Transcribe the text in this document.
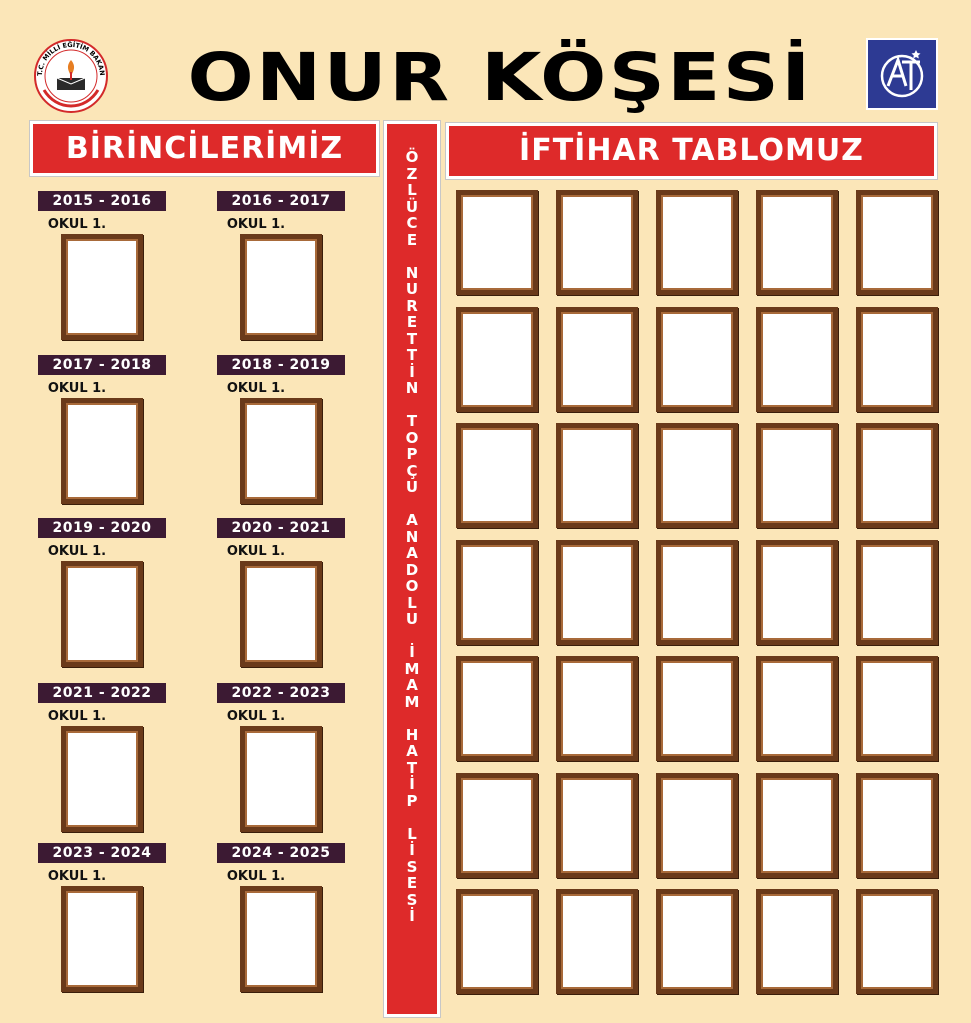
T.C. MİLLİ EĞİTİM BAKAN	ONUR KÖŞESİ
BİRİNCİLERİMİZ	İFTİHAR TABLOMUZ
Ö
Z
L
Ü
C
E

N
U
R
E
T
T
İ
N

T
O
P
Ç
U

A
N
A
D
O
L
U

İ
M
A
M

H
A
T
İ
P

L
İ
S
E
S
İ
2015 - 2016
OKUL 1.
2016 - 2017
OKUL 1.
2017 - 2018
OKUL 1.
2018 - 2019
OKUL 1.
2019 - 2020
OKUL 1.
2020 - 2021
OKUL 1.
2021 - 2022
OKUL 1.
2022 - 2023
OKUL 1.
2023 - 2024
OKUL 1.
2024 - 2025
OKUL 1.
